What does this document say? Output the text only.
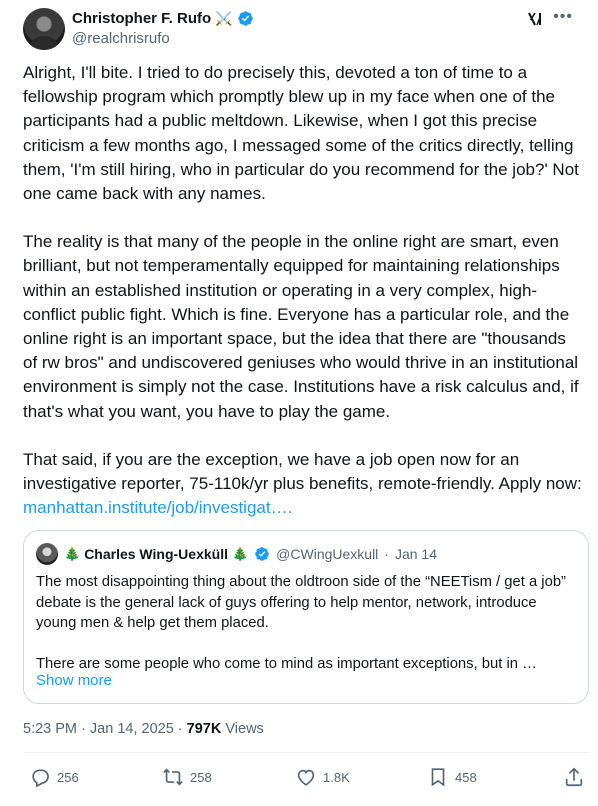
Christopher F. Rufo ⚔️
@realchrisrufo
•••

Alright, I'll bite. I tried to do precisely this, devoted a ton of time to a fellowship program which promptly blew up in my face when one of the participants had a public meltdown. Likewise, when I got this precise criticism a few months ago, I messaged some of the critics directly, telling them, 'I'm still hiring, who in particular do you recommend for the job?' Not one came back with any names.

The reality is that many of the people in the online right are smart, even brilliant, but not temperamentally equipped for maintaining relationships within an established institution or operating in a very complex, high-conflict public fight. Which is fine. Everyone has a particular role, and the online right is an important space, but the idea that there are "thousands of rw bros" and undiscovered geniuses who would thrive in an institutional environment is simply not the case. Institutions have a risk calculus and, if that's what you want, you have to play the game.

That said, if you are the exception, we have a job open now for an investigative reporter, 75-110k/yr plus benefits, remote-friendly. Apply now: manhattan.institute/job/investigat….

🎄 Charles Wing-Uexküll 🎄 @CWingUexkull · Jan 14

The most disappointing thing about the oldtroon side of the “NEETism / get a job” debate is the general lack of guys offering to help mentor, network, introduce young men & help get them placed.

There are some people who come to mind as important exceptions, but in …

Show more
5:23 PM · Jan 14, 2025 · 797K Views
256	258	1.8K	458
